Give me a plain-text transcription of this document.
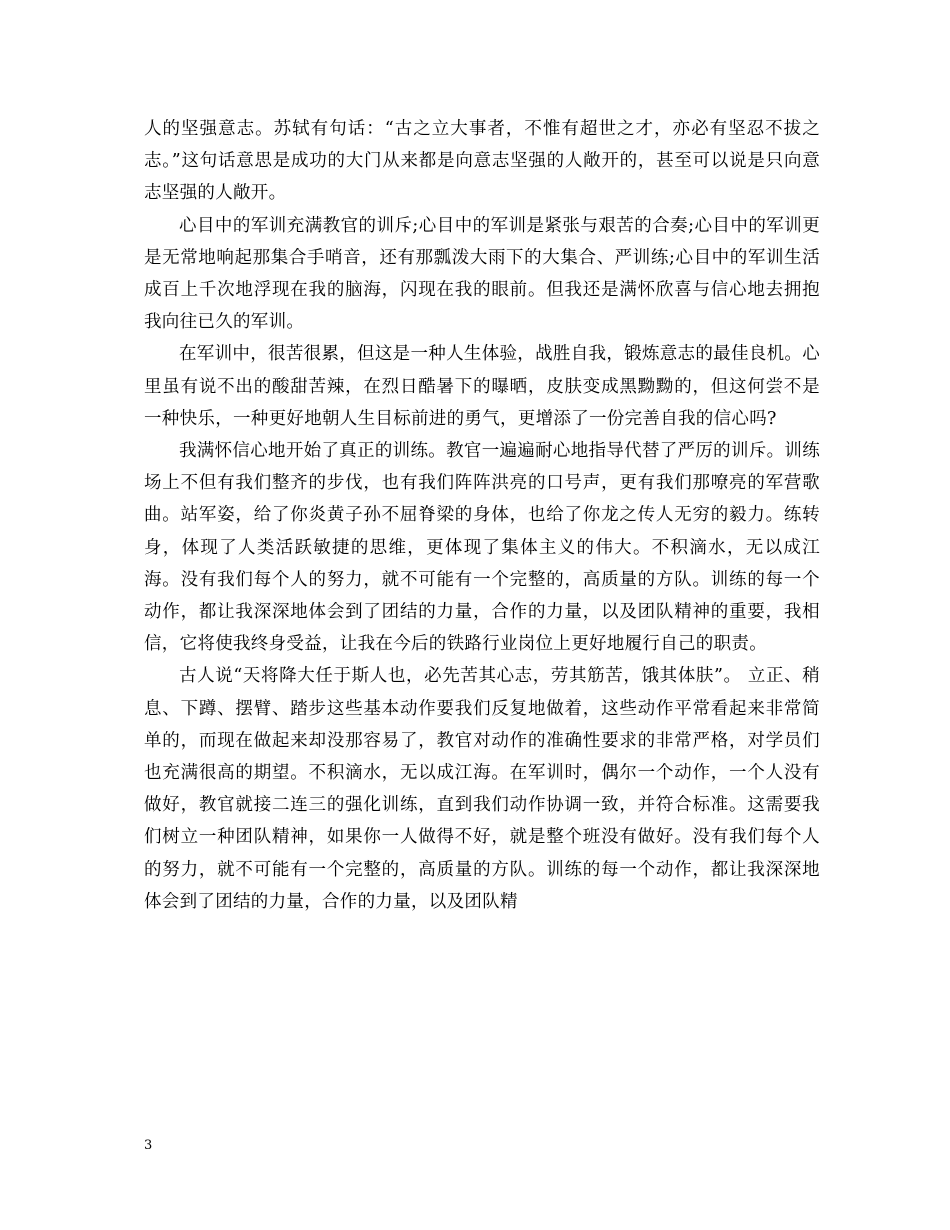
人的坚强意志。苏轼有句话：“古之立大事者，不惟有超世之才，亦必有坚忍不拔之志。”这句话意思是成功的大门从来都是向意志坚强的人敞开的，甚至可以说是只向意志坚强的人敞开。

心目中的军训充满教官的训斥;心目中的军训是紧张与艰苦的合奏;心目中的军训更是无常地响起那集合手哨音，还有那瓢泼大雨下的大集合、严训练;心目中的军训生活成百上千次地浮现在我的脑海，闪现在我的眼前。但我还是满怀欣喜与信心地去拥抱我向往已久的军训。

在军训中，很苦很累，但这是一种人生体验，战胜自我，锻炼意志的最佳良机。心里虽有说不出的酸甜苦辣，在烈日酷暑下的曝晒，皮肤变成黑黝黝的，但这何尝不是一种快乐，一种更好地朝人生目标前进的勇气，更增添了一份完善自我的信心吗?

我满怀信心地开始了真正的训练。教官一遍遍耐心地指导代替了严厉的训斥。训练场上不但有我们整齐的步伐，也有我们阵阵洪亮的口号声，更有我们那嘹亮的军营歌曲。站军姿，给了你炎黄子孙不屈脊梁的身体，也给了你龙之传人无穷的毅力。练转身，体现了人类活跃敏捷的思维，更体现了集体主义的伟大。不积滴水，无以成江海。没有我们每个人的努力，就不可能有一个完整的，高质量的方队。训练的每一个动作，都让我深深地体会到了团结的力量，合作的力量，以及团队精神的重要，我相信，它将使我终身受益，让我在今后的铁路行业岗位上更好地履行自己的职责。

古人说“天将降大任于斯人也，必先苦其心志，劳其筋苦，饿其体肤”。 立正、稍息、下蹲、摆臂、踏步这些基本动作要我们反复地做着，这些动作平常看起来非常简单的，而现在做起来却没那容易了，教官对动作的准确性要求的非常严格，对学员们也充满很高的期望。不积滴水，无以成江海。在军训时，偶尔一个动作，一个人没有做好，教官就接二连三的强化训练，直到我们动作协调一致，并符合标准。这需要我们树立一种团队精神，如果你一人做得不好，就是整个班没有做好。没有我们每个人的努力，就不可能有一个完整的，高质量的方队。训练的每一个动作，都让我深深地体会到了团结的力量，合作的力量，以及团队精

3
